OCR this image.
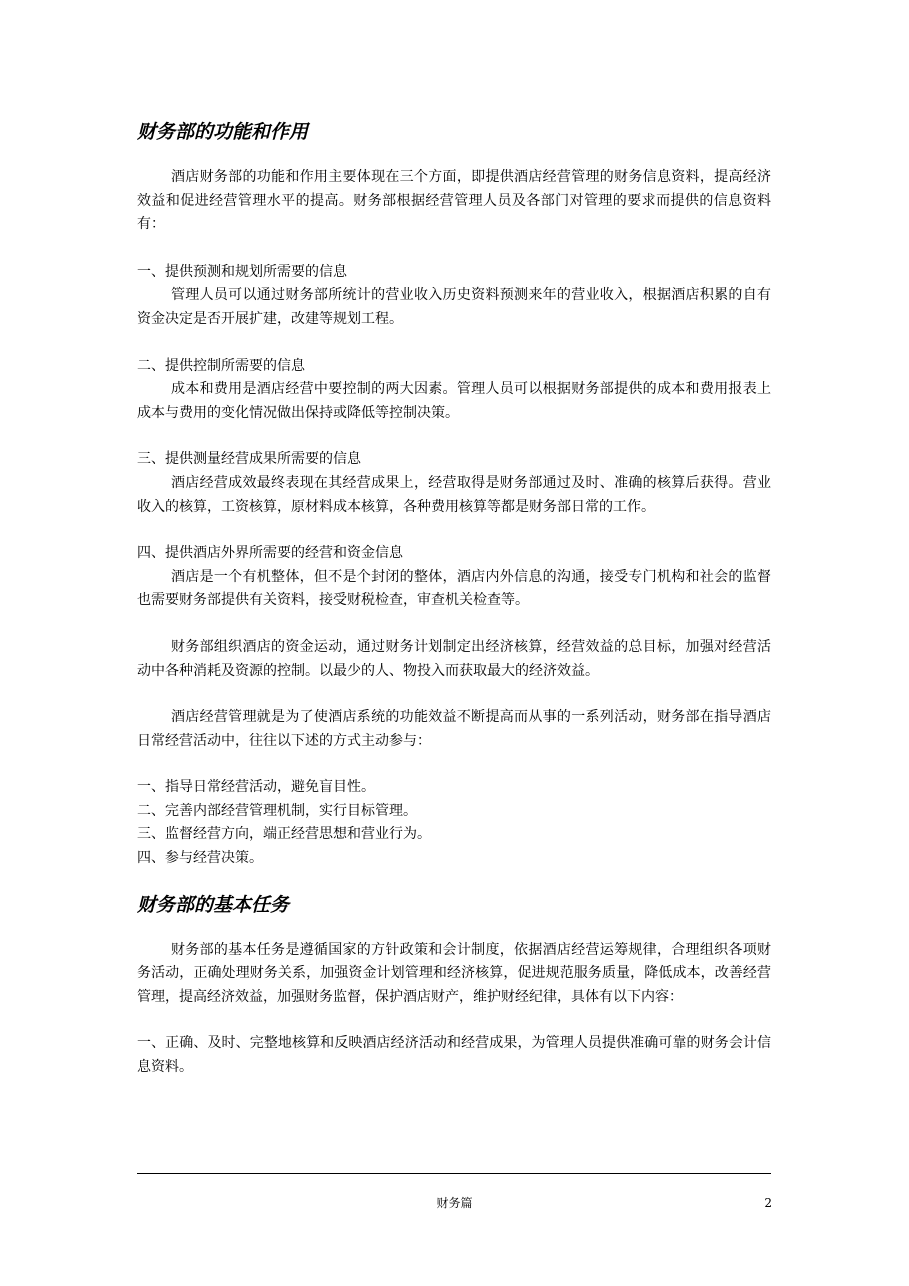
财务部的功能和作用

酒店财务部的功能和作用主要体现在三个方面，即提供酒店经营管理的财务信息资料，提高经济效益和促进经营管理水平的提高。财务部根据经营管理人员及各部门对管理的要求而提供的信息资料有：

一、提供预测和规划所需要的信息

管理人员可以通过财务部所统计的营业收入历史资料预测来年的营业收入，根据酒店积累的自有资金决定是否开展扩建，改建等规划工程。

二、提供控制所需要的信息

成本和费用是酒店经营中要控制的两大因素。管理人员可以根据财务部提供的成本和费用报表上成本与费用的变化情况做出保持或降低等控制决策。

三、提供测量经营成果所需要的信息

酒店经营成效最终表现在其经营成果上，经营取得是财务部通过及时、准确的核算后获得。营业收入的核算，工资核算，原材料成本核算，各种费用核算等都是财务部日常的工作。

四、提供酒店外界所需要的经营和资金信息

酒店是一个有机整体，但不是个封闭的整体，酒店内外信息的沟通，接受专门机构和社会的监督也需要财务部提供有关资料，接受财税检查，审查机关检查等。

财务部组织酒店的资金运动，通过财务计划制定出经济核算，经营效益的总目标，加强对经营活动中各种消耗及资源的控制。以最少的人、物投入而获取最大的经济效益。

酒店经营管理就是为了使酒店系统的功能效益不断提高而从事的一系列活动，财务部在指导酒店日常经营活动中，往往以下述的方式主动参与：

一、指导日常经营活动，避免盲目性。

二、完善内部经营管理机制，实行目标管理。

三、监督经营方向，端正经营思想和营业行为。

四、参与经营决策。

财务部的基本任务

财务部的基本任务是遵循国家的方针政策和会计制度，依据酒店经营运筹规律，合理组织各项财务活动，正确处理财务关系，加强资金计划管理和经济核算，促进规范服务质量，降低成本，改善经营管理，提高经济效益，加强财务监督，保护酒店财产，维护财经纪律，具体有以下内容：

一、正确、及时、完整地核算和反映酒店经济活动和经营成果，为管理人员提供准确可靠的财务会计信息资料。

财务篇	2
